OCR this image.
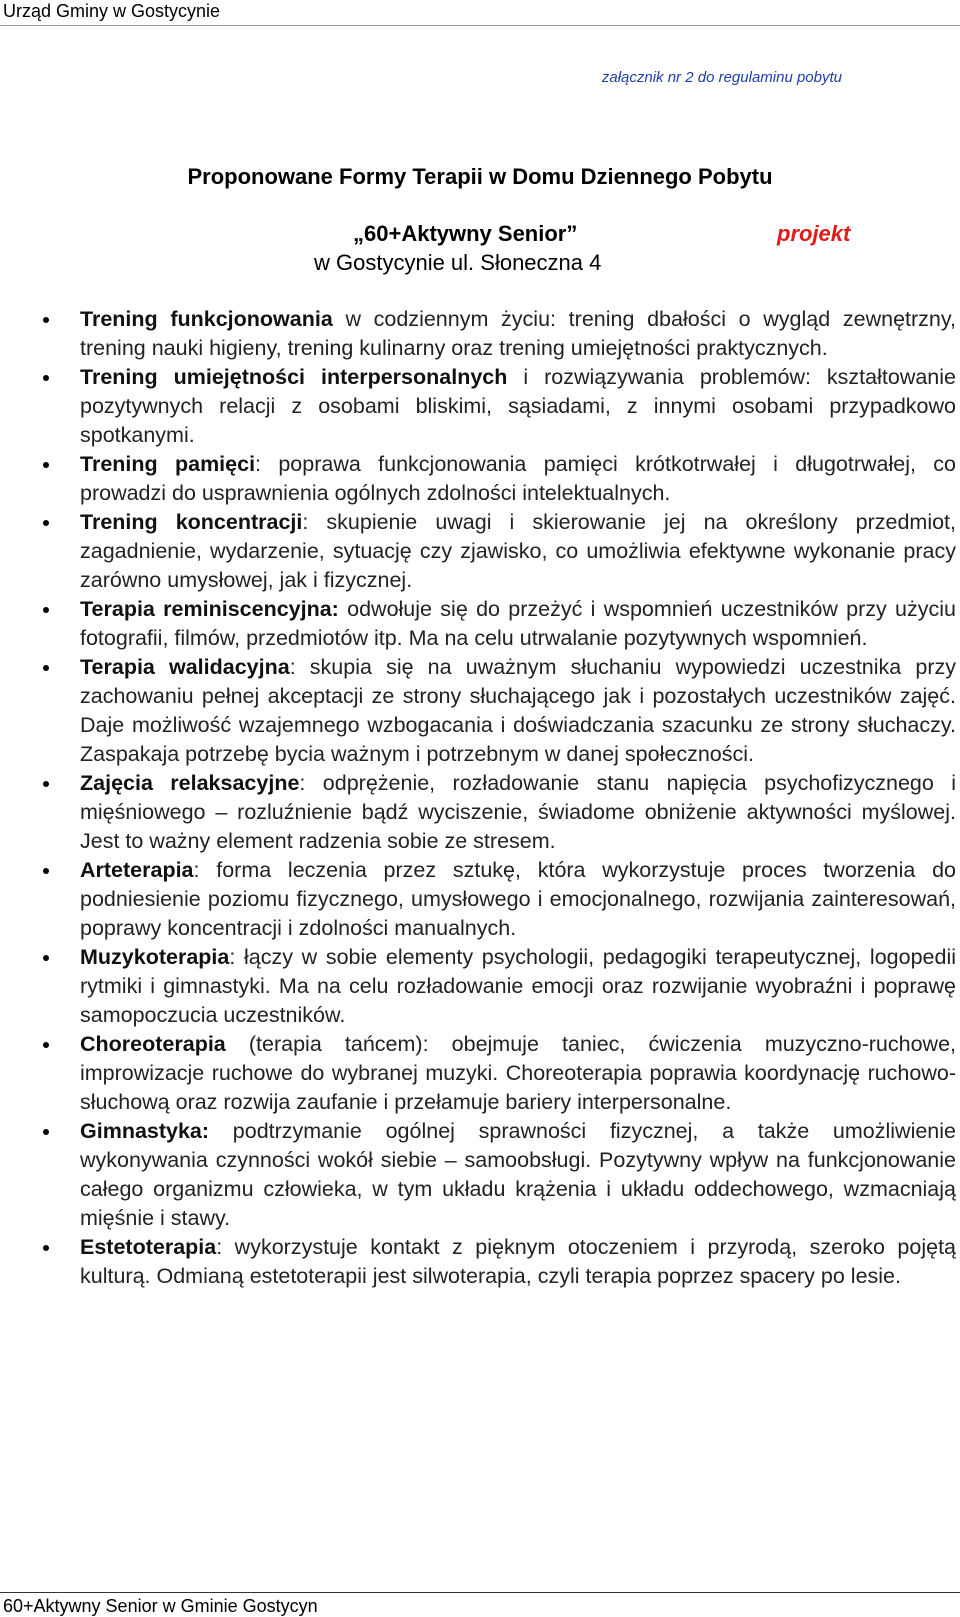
Urząd Gminy w Gostycynie
załącznik nr 2 do regulaminu pobytu
Proponowane Formy Terapii w Domu Dziennego Pobytu
„60+Aktywny Senior”	projekt
w Gostycynie ul. Słoneczna 4
Trening funkcjonowania w codziennym życiu: trening dbałości o wygląd zewnętrzny, trening nauki higieny, trening kulinarny oraz trening umiejętności praktycznych.
Trening umiejętności interpersonalnych i rozwiązywania problemów: kształtowanie pozytywnych relacji z osobami bliskimi, sąsiadami, z innymi osobami przypadkowo spotkanymi.
Trening pamięci: poprawa funkcjonowania pamięci krótkotrwałej i długotrwałej, co prowadzi do usprawnienia ogólnych zdolności intelektualnych.
Trening koncentracji: skupienie uwagi i skierowanie jej na określony przedmiot, zagadnienie, wydarzenie, sytuację czy zjawisko, co umożliwia efektywne wykonanie pracy zarówno umysłowej, jak i fizycznej.
Terapia reminiscencyjna: odwołuje się do przeżyć i wspomnień uczestników przy użyciu fotografii, filmów, przedmiotów itp. Ma na celu utrwalanie pozytywnych wspomnień.
Terapia walidacyjna: skupia się na uważnym słuchaniu wypowiedzi uczestnika przy zachowaniu pełnej akceptacji ze strony słuchającego jak i pozostałych uczestników zajęć. Daje możliwość wzajemnego wzbogacania i doświadczania szacunku ze strony słuchaczy. Zaspakaja potrzebę bycia ważnym i potrzebnym w danej społeczności.
Zajęcia relaksacyjne: odprężenie, rozładowanie stanu napięcia psychofizycznego i mięśniowego – rozluźnienie bądź wyciszenie, świadome obniżenie aktywności myślowej. Jest to ważny element radzenia sobie ze stresem.
Arteterapia: forma leczenia przez sztukę, która wykorzystuje proces tworzenia do podniesienie poziomu fizycznego, umysłowego i emocjonalnego, rozwijania zainteresowań, poprawy koncentracji i zdolności manualnych.
Muzykoterapia: łączy w sobie elementy psychologii, pedagogiki terapeutycznej, logopedii rytmiki i gimnastyki. Ma na celu rozładowanie emocji oraz rozwijanie wyobraźni i poprawę samopoczucia uczestników.
Choreoterapia (terapia tańcem): obejmuje taniec, ćwiczenia muzyczno-ruchowe, improwizacje ruchowe do wybranej muzyki. Choreoterapia poprawia koordynację ruchowo-słuchową oraz rozwija zaufanie i przełamuje bariery interpersonalne.
Gimnastyka: podtrzymanie ogólnej sprawności fizycznej, a także umożliwienie wykonywania czynności wokół siebie – samoobsługi. Pozytywny wpływ na funkcjonowanie całego organizmu człowieka, w tym układu krążenia i układu oddechowego, wzmacniają mięśnie i stawy.
Estetoterapia: wykorzystuje kontakt z pięknym otoczeniem i przyrodą, szeroko pojętą kulturą. Odmianą estetoterapii jest silwoterapia, czyli terapia poprzez spacery po lesie.
60+Aktywny Senior w Gminie Gostycyn
